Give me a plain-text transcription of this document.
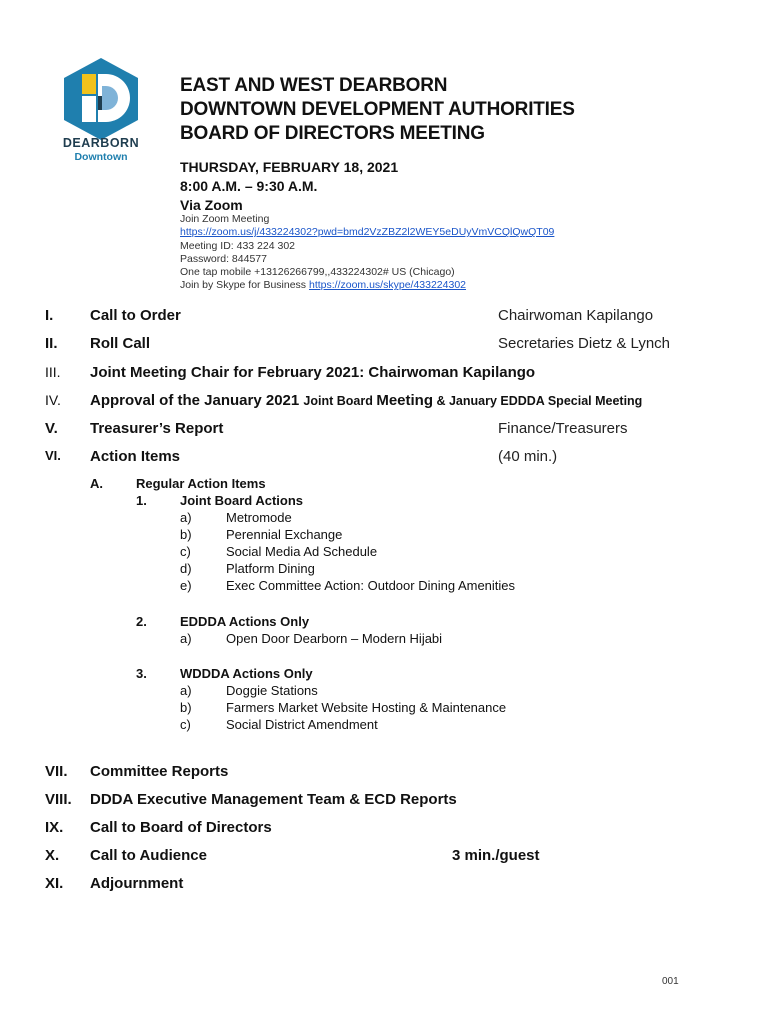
DEARBORN
Downtown
EAST AND WEST DEARBORN
DOWNTOWN DEVELOPMENT AUTHORITIES
BOARD OF DIRECTORS MEETING
THURSDAY, FEBRUARY 18, 2021
8:00 A.M. – 9:30 A.M.
Via Zoom
Join Zoom Meeting
https://zoom.us/j/433224302?pwd=bmd2VzZBZ2l2WEY5eDUyVmVCQlQwQT09
Meeting ID: 433 224 302
Password: 844577
One tap mobile +13126266799,,433224302# US (Chicago)
Join by Skype for Business https://zoom.us/skype/433224302
I. Call to Order	Chairwoman Kapilango
II. Roll Call	Secretaries Dietz & Lynch
III. Joint Meeting Chair for February 2021: Chairwoman Kapilango
IV. Approval of the January 2021 Joint Board Meeting & January EDDDA Special Meeting
V. Treasurer’s Report	Finance/Treasurers
VI. Action Items	(40 min.)
A.	Regular Action Items
1.	Joint Board Actions
a)	Metromode
b)	Perennial Exchange
c)	Social Media Ad Schedule
d)	Platform Dining
e)	Exec Committee Action: Outdoor Dining Amenities
2.	EDDDA Actions Only
a)	Open Door Dearborn – Modern Hijabi
3.	WDDDA Actions Only
a)	Doggie Stations
b)	Farmers Market Website Hosting & Maintenance
c)	Social District Amendment
VII. Committee Reports
VIII. DDDA Executive Management Team & ECD Reports
IX. Call to Board of Directors
X. Call to Audience	3 min./guest
XI. Adjournment
001
